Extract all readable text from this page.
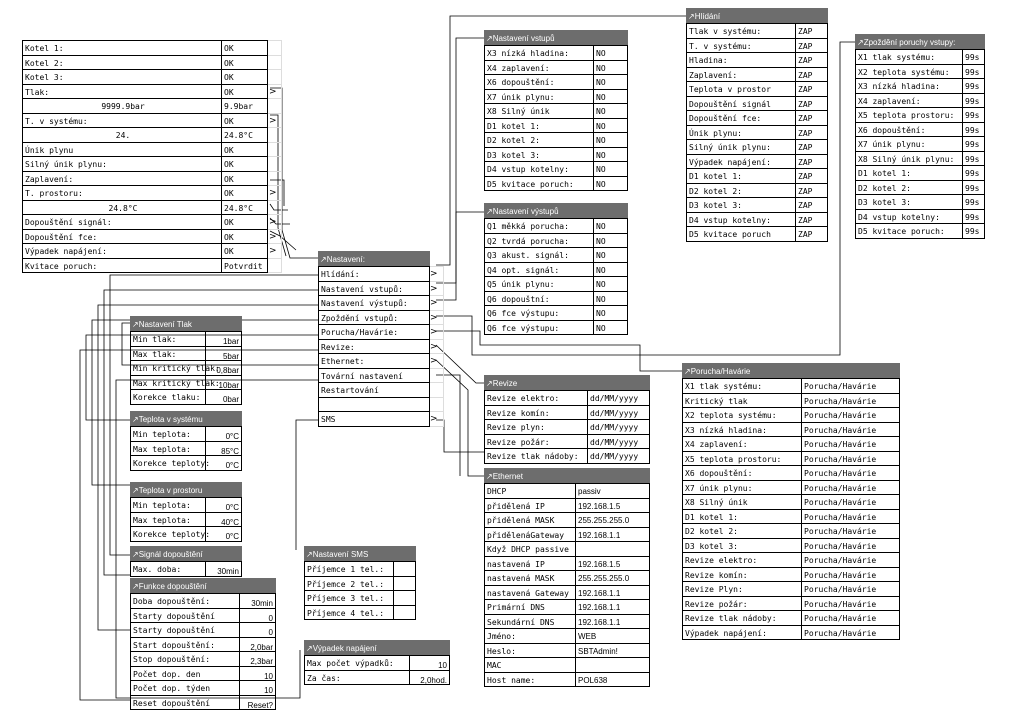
Kotel 1:	OK
Kotel 2:	OK
Kotel 3:	OK
Tlak:	OK	>
9999.9bar	9.9bar
T. v systému:	OK	>
24.	24.8°C
Únik plynu	OK
Silný únik plynu:	OK
Zaplavení:	OK
T. prostoru:	OK	>
24.8°C	24.8°C
Dopouštění signál:	OK	>
Dopouštění fce:	OK	>
Výpadek napájení:	OK	>
Kvitace poruch:	Potvrdit
↗Nastavení:
Hlídání:	>
Nastavení vstupů:	>
Nastavení výstupů:	>
Zpoždění vstupů:	>
Porucha/Havárie:	>
Revize:	>
Ethernet:	>
Tovární nastavení
Restartování
SMS	>
↗Nastavení Tlak
Min tlak:	1bar
Max tlak:	5bar
Min kritický tlak:
0,8bar
Max kritický tlak:
10bar
Korekce tlaku:	0bar
↗Teplota v systému
Min teplota:	0°C
Max teplota:	85°C
Korekce teploty:	0°C
↗Teplota v prostoru
Min teplota:	0°C
Max teplota:	40°C
Korekce teploty:	0°C
↗Signál dopouštění
Max. doba:	30min
↗Funkce dopouštění
Doba dopouštění:	30min
Starty dopouštění	0
Starty dopouštění	0
Start dopouštění:	2,0bar
Stop dopouštění:	2,3bar
Počet dop. den	10
Počet dop. týden	10
Reset dopouštění	Reset?
↗Nastavení SMS
Příjemce 1 tel.:
Příjemce 2 tel.:
Příjemce 3 tel.:
Příjemce 4 tel.:
↗Výpadek napájení
Max počet výpadků:	10
Za čas:	2,0hod.
↗Nastavení vstupů
X3 nízká hladina:	NO
X4 zaplavení:	NO
X6 dopouštění:	NO
X7 únik plynu:	NO
X8 Silný únik	NO
D1 kotel 1:	NO
D2 kotel 2:	NO
D3 kotel 3:	NO
D4 vstup kotelny:	NO
D5 kvitace poruch:	NO
↗Nastavení výstupů
Q1 měkká porucha:	NO
Q2 tvrdá porucha:	NO
Q3 akust. signál:	NO
Q4 opt. signál:	NO
Q5 únik plynu:	NO
Q6 dopouštní:	NO
Q6 fce výstupu:	NO
Q6 fce výstupu:	NO
↗Revize
Revize elektro:	dd/MM/yyyy
Revize komín:	dd/MM/yyyy
Revize plyn:	dd/MM/yyyy
Revize požár:	dd/MM/yyyy
Revize tlak nádoby:	dd/MM/yyyy
↗Ethernet
DHCP	passiv
přidělená IP	192.168.1.5
přidělená MASK	255.255.255.0
přidělenáGateway	192.168.1.1
Když DHCP passive
nastavená IP	192.168.1.5
nastavená MASK	255.255.255.0
nastavená Gateway	192.168.1.1
Primární DNS	192.168.1.1
Sekundární DNS	192.168.1.1
Jméno:	WEB
Heslo:	SBTAdmin!
MAC
Host name:	POL638
↗Hlídání
Tlak v systému:	ZAP
T. v systému:	ZAP
Hladina:	ZAP
Zaplavení:	ZAP
Teplota v prostor	ZAP
Dopouštění signál	ZAP
Dopouštění fce:	ZAP
Únik plynu:	ZAP
Silný únik plynu:	ZAP
Výpadek napájení:	ZAP
D1 kotel 1:	ZAP
D2 kotel 2:	ZAP
D3 kotel 3:	ZAP
D4 vstup kotelny:	ZAP
D5 kvitace poruch	ZAP
↗Zpoždění poruchy vstupy:
X1 tlak systému:	99s
X2 teplota systému:	99s
X3 nízká hladina:	99s
X4 zaplavení:	99s
X5 teplota prostoru:	99s
X6 dopouštění:	99s
X7 únik plynu:	99s
X8 Silný únik plynu:	99s
D1 kotel 1:	99s
D2 kotel 2:	99s
D3 kotel 3:	99s
D4 vstup kotelny:	99s
D5 kvitace poruch:	99s
↗Porucha/Havárie
X1 tlak systému:	Porucha/Havárie
Kritický tlak	Porucha/Havárie
X2 teplota systému:	Porucha/Havárie
X3 nízká hladina:	Porucha/Havárie
X4 zaplavení:	Porucha/Havárie
X5 teplota prostoru:	Porucha/Havárie
X6 dopouštění:	Porucha/Havárie
X7 únik plynu:	Porucha/Havárie
X8 Silný únik	Porucha/Havárie
D1 kotel 1:	Porucha/Havárie
D2 kotel 2:	Porucha/Havárie
D3 kotel 3:	Porucha/Havárie
Revize elektro:	Porucha/Havárie
Revize komín:	Porucha/Havárie
Revize Plyn:	Porucha/Havárie
Revize požár:	Porucha/Havárie
Revize tlak nádoby:	Porucha/Havárie
Výpadek napájení:	Porucha/Havárie
